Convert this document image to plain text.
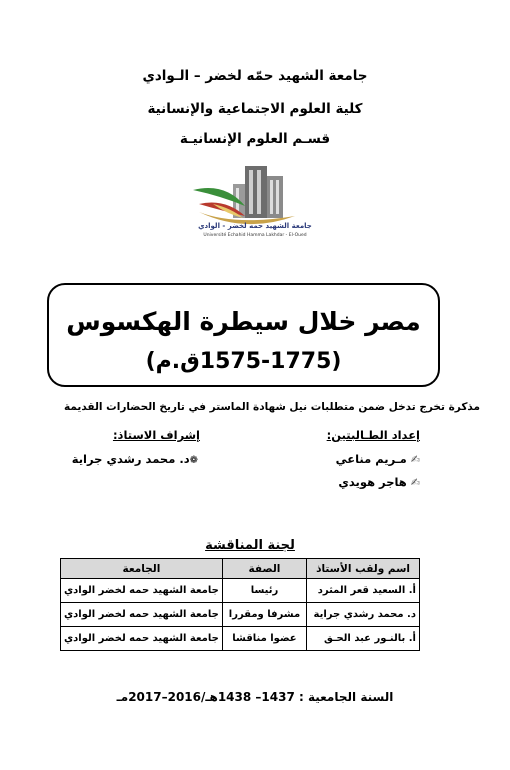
جامعة الشهيد حمّه لخضر – الـوادي
كلية العلوم الاجتماعية والإنسانية
قسـم العلوم الإنسانيـة
جامعة الشهيد حمه لخضر - الوادي
Université Echahid Hamma Lakhdar - El-Oued
مصر خلال سيطرة الهكسوس
(1575-1775ق.م)
مذكرة تخرج تدخل ضمن متطلبات نيل شهادة الماستر في تاريخ الحضارات القديمة
إعداد الطـالبتين:
إشراف الاستاذ:
✍مـريم مناعي
✍هاجر هويدي
❁د. محمد رشدي جراية
لجنة المناقشة
اسم ولقب الأستاذ	الصفة	الجامعة
أ. السعيد قعر المثرد	رئيسا	جامعة الشهيد حمه لخضر الوادي
د. محمد رشدي جراية	مشرفا ومقررا	جامعة الشهيد حمه لخضر الوادي
أ. بالنـور عبد الحـق	عضوا مناقشا	جامعة الشهيد حمه لخضر الوادي
السنة الجامعية : 1437– 1438هـ/2016–2017مـ
